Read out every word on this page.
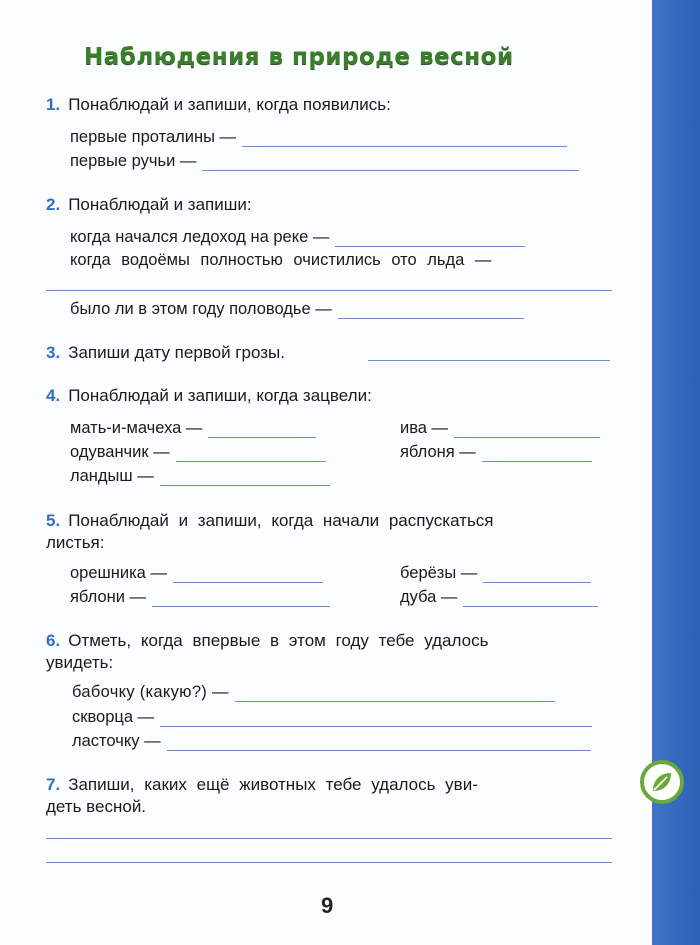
Наблюдения в природе весной
1. Понаблюдай и запиши, когда появились:
первые проталины —
первые ручьи —
2. Понаблюдай и запиши:
когда начался ледоход на реке —
когда водоёмы полностью очистились ото льда —
было ли в этом году половодье —
3. Запиши дату первой грозы.
4. Понаблюдай и запиши, когда зацвели:
мать-и-мачеха —	ива —
одуванчик —	яблоня —
ландыш —
5. Понаблюдай и запиши, когда начали распускаться
листья:
орешника —	берёзы —
яблони —	дуба —
6. Отметь, когда впервые в этом году тебе удалось
увидеть:
бабочку (какую?) —
скворца —
ласточку —
7. Запиши, каких ещё животных тебе удалось уви-
деть весной.
9
